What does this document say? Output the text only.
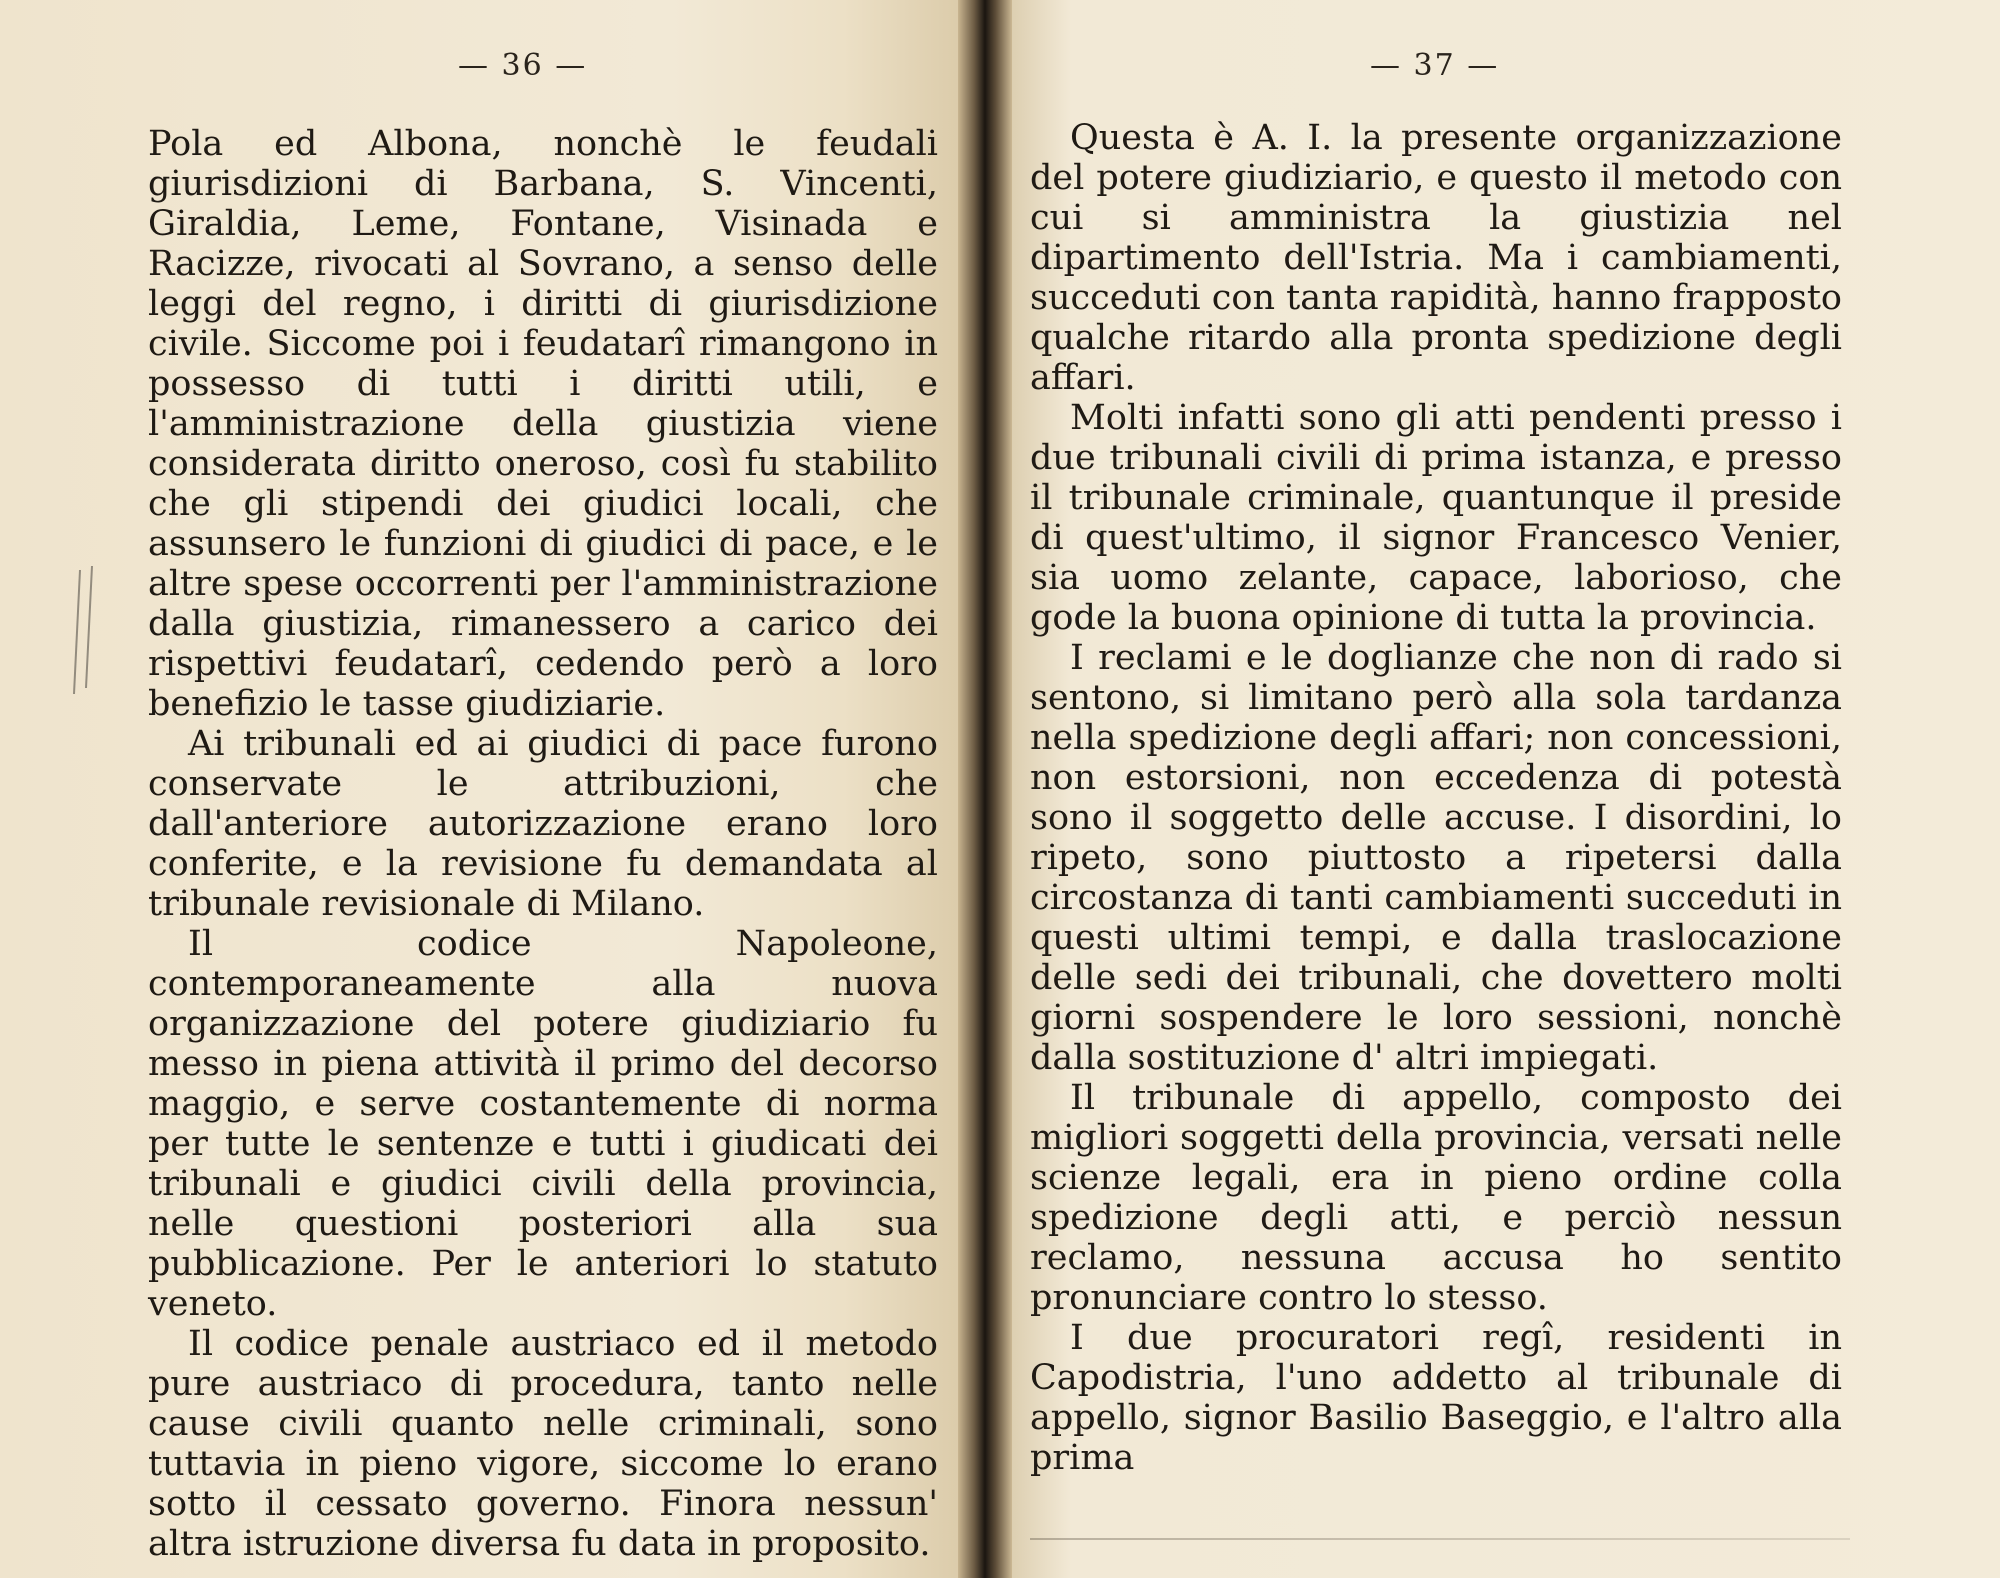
— 36 —

Pola ed Albona, nonchè le feudali giurisdizioni di Barbana, S. Vincenti, Giraldia, Leme, Fontane, Visinada e Racizze, rivocati al Sovrano, a senso delle leggi del regno, i diritti di giurisdizione civile. Siccome poi i feudatarî rimangono in possesso di tutti i diritti utili, e l'amministrazione della giustizia viene considerata diritto oneroso, così fu stabilito che gli stipendi dei giudici locali, che assunsero le funzioni di giudici di pace, e le altre spese occorrenti per l'amministrazione dalla giustizia, rimanessero a carico dei rispettivi feudatarî, cedendo però a loro benefizio le tasse giudiziarie.

Ai tribunali ed ai giudici di pace furono conservate le attribuzioni, che dall'anteriore autorizzazione erano loro conferite, e la revisione fu demandata al tribunale revisionale di Milano.

Il codice Napoleone, contemporaneamente alla nuova organizzazione del potere giudiziario fu messo in piena attività il primo del decorso maggio, e serve costantemente di norma per tutte le sentenze e tutti i giudicati dei tribunali e giudici civili della provincia, nelle questioni posteriori alla sua pubblicazione. Per le anteriori lo statuto veneto.

Il codice penale austriaco ed il metodo pure austriaco di procedura, tanto nelle cause civili quanto nelle criminali, sono tuttavia in pieno vigore, siccome lo erano sotto il cessato governo. Finora nessun' altra istruzione diversa fu data in proposito.

— 37 —

Questa è A. I. la presente organizzazione del potere giudiziario, e questo il metodo con cui si amministra la giustizia nel dipartimento dell'Istria. Ma i cambiamenti, succeduti con tanta rapidità, hanno frapposto qualche ritardo alla pronta spedizione degli affari.

Molti infatti sono gli atti pendenti presso i due tribunali civili di prima istanza, e presso il tribunale criminale, quantunque il preside di quest'ultimo, il signor Francesco Venier, sia uomo zelante, capace, laborioso, che gode la buona opinione di tutta la provincia.

I reclami e le doglianze che non di rado si sentono, si limitano però alla sola tardanza nella spedizione degli affari; non concessioni, non estorsioni, non eccedenza di potestà sono il soggetto delle accuse. I disordini, lo ripeto, sono piuttosto a ripetersi dalla circostanza di tanti cambiamenti succeduti in questi ultimi tempi, e dalla traslocazione delle sedi dei tribunali, che dovettero molti giorni sospendere le loro sessioni, nonchè dalla sostituzione d' altri impiegati.

Il tribunale di appello, composto dei migliori soggetti della provincia, versati nelle scienze legali, era in pieno ordine colla spedizione degli atti, e perciò nessun reclamo, nessuna accusa ho sentito pronunciare contro lo stesso.

I due procuratori regî, residenti in Capodistria, l'uno addetto al tribunale di appello, signor Basilio Baseggio, e l'altro alla prima
